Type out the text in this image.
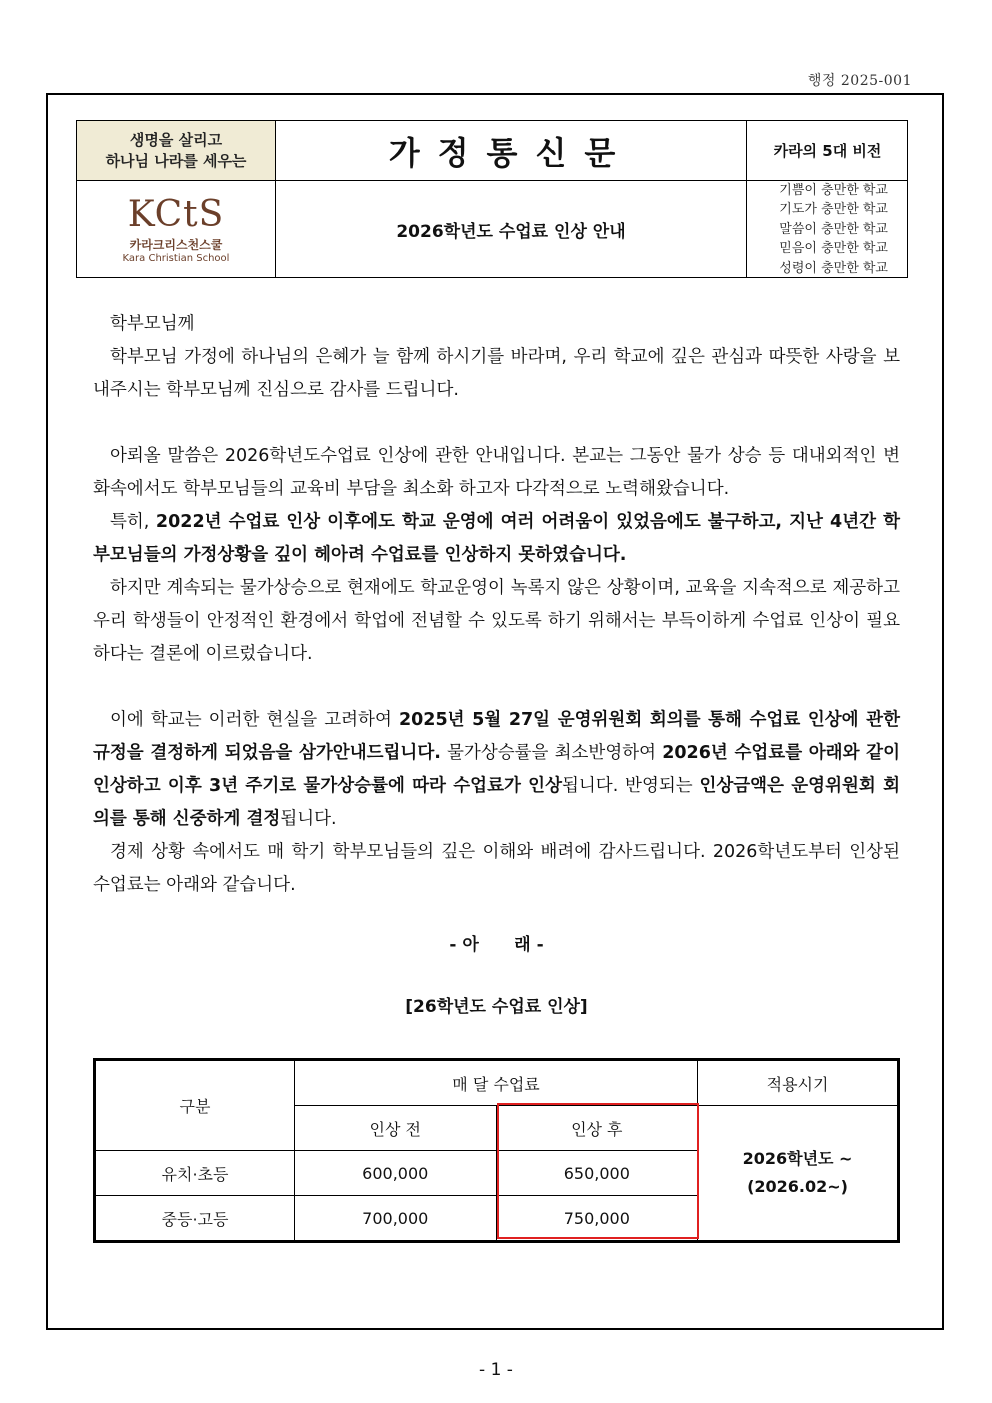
행정 2025-001
생명을 살리고
하나님 나라를 세우는
KCtS
카라크리스천스쿨
Kara Christian School
가정통신문
2026학년도 수업료 인상 안내
카라의 5대 비전
기쁨이 충만한 학교
기도가 충만한 학교
말씀이 충만한 학교
믿음이 충만한 학교
성령이 충만한 학교

학부모님께

학부모님 가정에 하나님의 은혜가 늘 함께 하시기를 바라며, 우리 학교에 깊은 관심과 따뜻한 사랑을 보내주시는 학부모님께 진심으로 감사를 드립니다.

아뢰올 말씀은 2026학년도수업료 인상에 관한 안내입니다. 본교는 그동안 물가 상승 등 대내외적인 변화속에서도 학부모님들의 교육비 부담을 최소화 하고자 다각적으로 노력해왔습니다.

특히, 2022년 수업료 인상 이후에도 학교 운영에 여러 어려움이 있었음에도 불구하고, 지난 4년간 학부모님들의 가정상황을 깊이 헤아려 수업료를 인상하지 못하였습니다.

하지만 계속되는 물가상승으로 현재에도 학교운영이 녹록지 않은 상황이며, 교육을 지속적으로 제공하고 우리 학생들이 안정적인 환경에서 학업에 전념할 수 있도록 하기 위해서는 부득이하게 수업료 인상이 필요하다는 결론에 이르렀습니다.

이에 학교는 이러한 현실을 고려하여 2025년 5월 27일 운영위원회 회의를 통해 수업료 인상에 관한 규정을 결정하게 되었음을 삼가안내드립니다. 물가상승률을 최소반영하여 2026년 수업료를 아래와 같이 인상하고 이후 3년 주기로 물가상승률에 따라 수업료가 인상됩니다. 반영되는 인상금액은 운영위원회 회의를 통해 신중하게 결정됩니다.

경제 상황 속에서도 매 학기 학부모님들의 깊은 이해와 배려에 감사드립니다. 2026학년도부터 인상된 수업료는 아래와 같습니다.

- 아      래 -
[26학년도 수업료 인상]
구분	매 달 수업료		적용시기
	인상 전	인상 후	2026학년도 ~
(2026.02~)

유치·초등	600,000	650,000	
중등·고등	700,000	750,000	
- 1 -
